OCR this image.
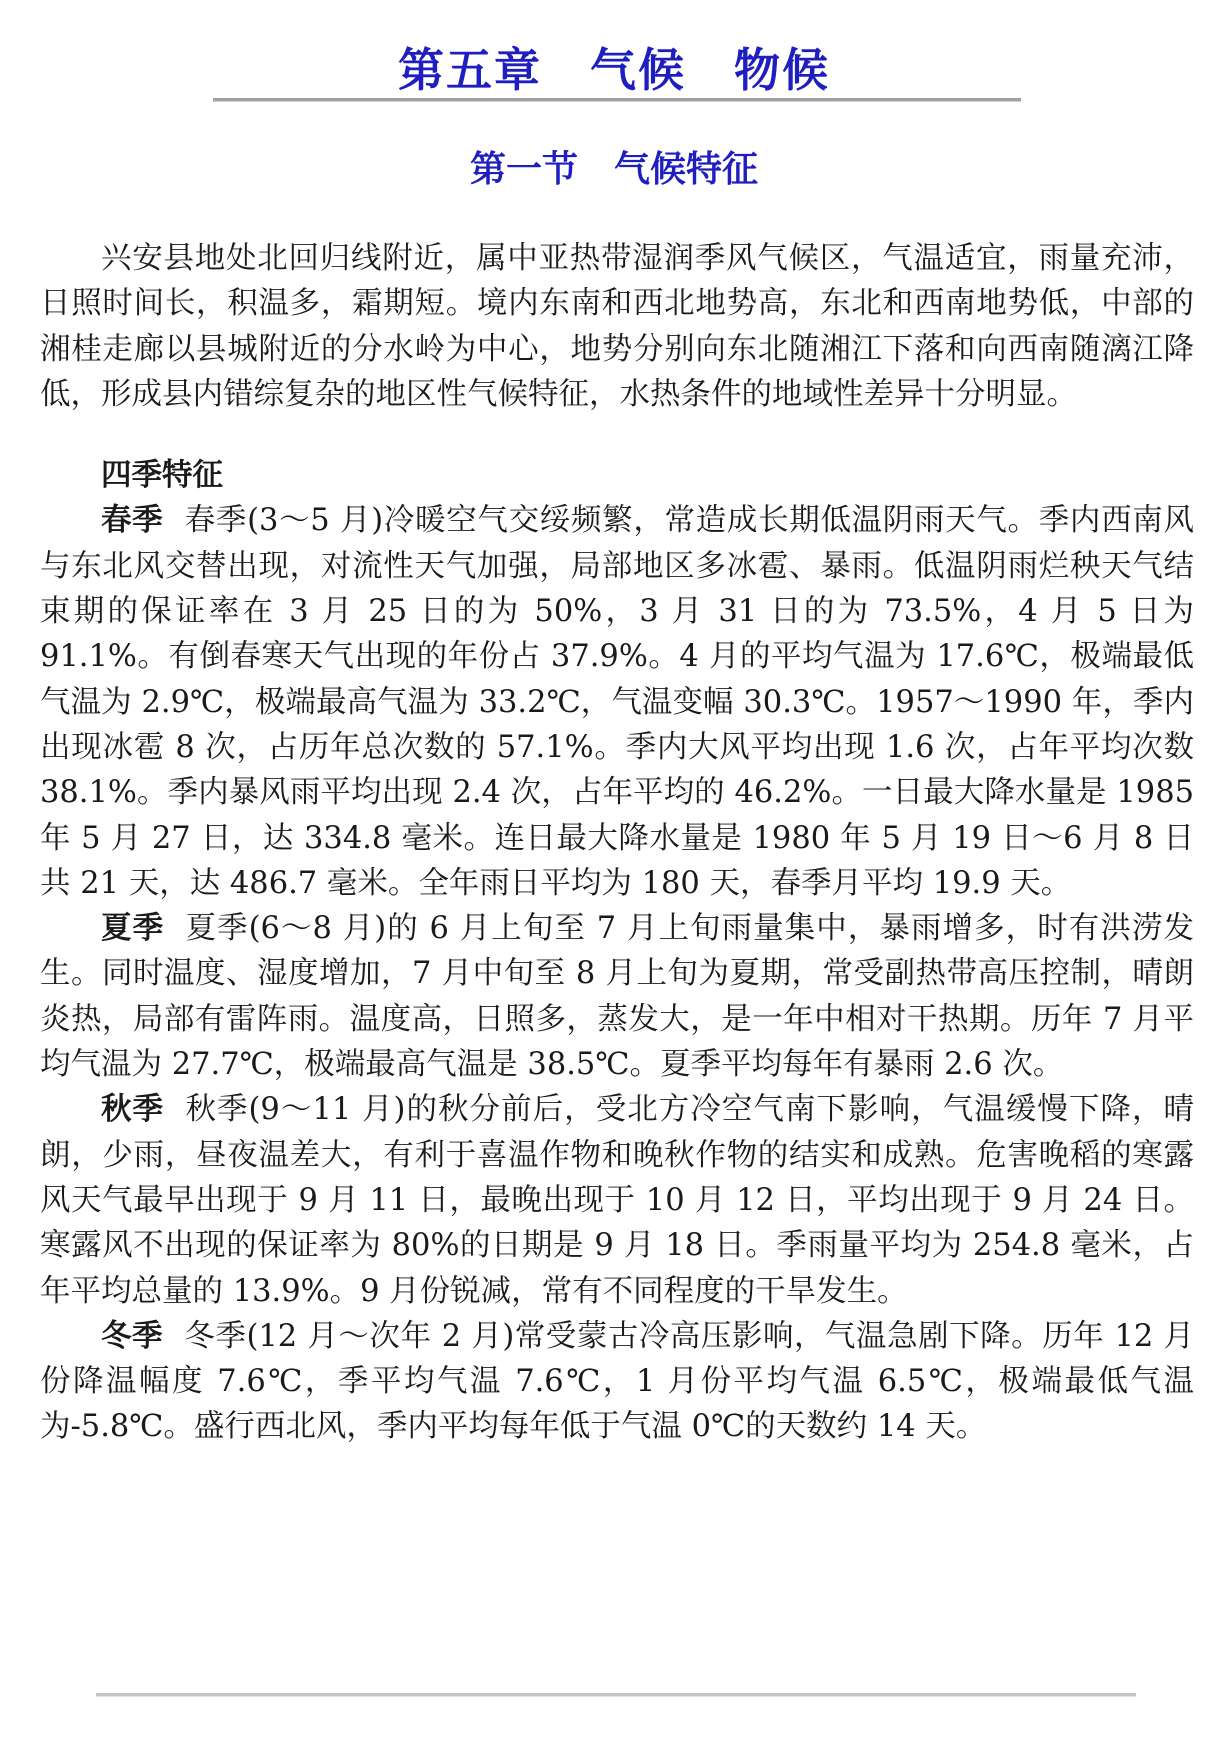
第五章　气候　物候
第一节　气候特征

兴安县地处北回归线附近，属中亚热带湿润季风气候区，气温适宜，雨量充沛，日照时间长，积温多，霜期短。境内东南和西北地势高，东北和西南地势低，中部的湘桂走廊以县城附近的分水岭为中心，地势分别向东北随湘江下落和向西南随漓江降低，形成县内错综复杂的地区性气候特征，水热条件的地域性差异十分明显。

四季特征

春季 春季(3～5 月)冷暖空气交绥频繁，常造成长期低温阴雨天气。季内西南风与东北风交替出现，对流性天气加强，局部地区多冰雹、暴雨。低温阴雨烂秧天气结束期的保证率在 3 月 25 日的为 50%，3 月 31 日的为 73.5%，4 月 5 日为 91.1%。有倒春寒天气出现的年份占 37.9%。4 月的平均气温为 17.6℃，极端最低气温为 2.9℃，极端最高气温为 33.2℃，气温变幅 30.3℃。1957～1990 年，季内出现冰雹 8 次，占历年总次数的 57.1%。季内大风平均出现 1.6 次，占年平均次数 38.1%。季内暴风雨平均出现 2.4 次，占年平均的 46.2%。一日最大降水量是 1985 年 5 月 27 日，达 334.8 毫米。连日最大降水量是 1980 年 5 月 19 日～6 月 8 日共 21 天，达 486.7 毫米。全年雨日平均为 180 天，春季月平均 19.9 天。

夏季 夏季(6～8 月)的 6 月上旬至 7 月上旬雨量集中，暴雨增多，时有洪涝发生。同时温度、湿度增加，7 月中旬至 8 月上旬为夏期，常受副热带高压控制，晴朗炎热，局部有雷阵雨。温度高，日照多，蒸发大，是一年中相对干热期。历年 7 月平均气温为 27.7℃，极端最高气温是 38.5℃。夏季平均每年有暴雨 2.6 次。

秋季 秋季(9～11 月)的秋分前后，受北方冷空气南下影响，气温缓慢下降，晴朗，少雨，昼夜温差大，有利于喜温作物和晚秋作物的结实和成熟。危害晚稻的寒露风天气最早出现于 9 月 11 日，最晚出现于 10 月 12 日，平均出现于 9 月 24 日。寒露风不出现的保证率为 80%的日期是 9 月 18 日。季雨量平均为 254.8 毫米，占年平均总量的 13.9%。9 月份锐减，常有不同程度的干旱发生。

冬季 冬季(12 月～次年 2 月)常受蒙古冷高压影响，气温急剧下降。历年 12 月份降温幅度 7.6℃，季平均气温 7.6℃，1 月份平均气温 6.5℃，极端最低气温为-5.8℃。盛行西北风，季内平均每年低于气温 0℃的天数约 14 天。
